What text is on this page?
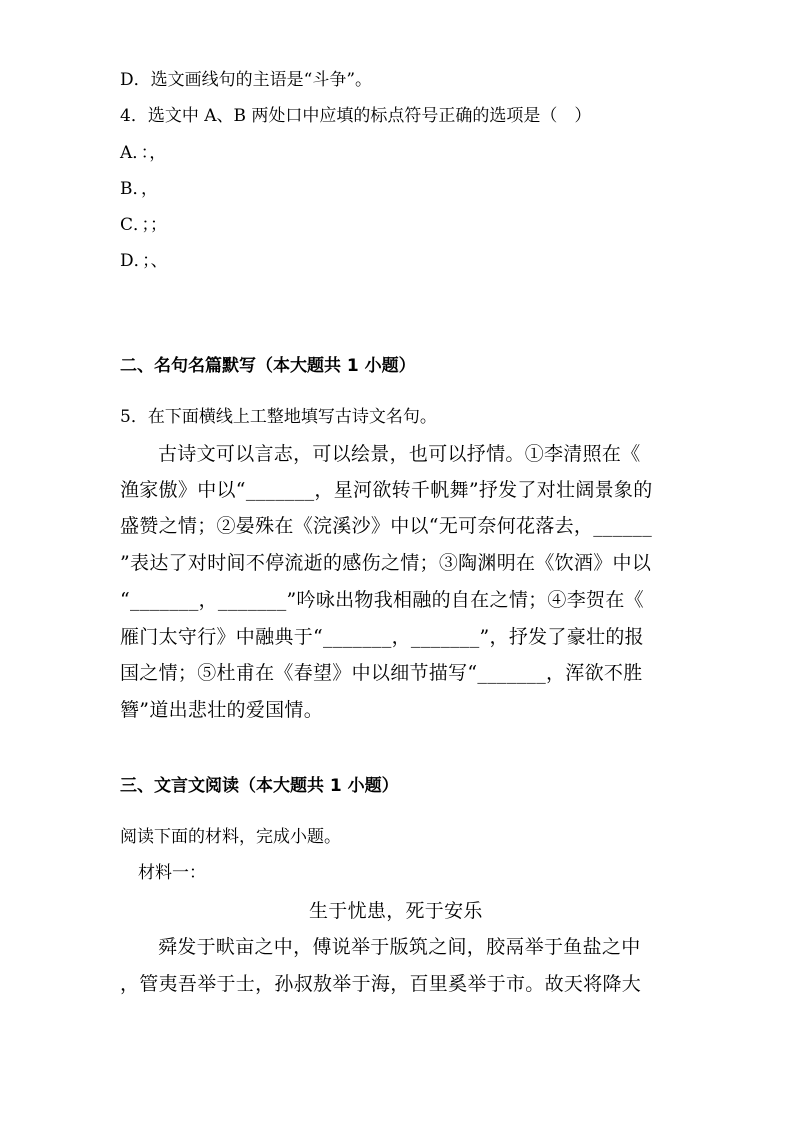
D．选文画线句的主语是“斗争”。
4．选文中 A、B 两处口中应填的标点符号正确的选项是（　）
A．：，
B．，
C．；；
D．；、
二、名句名篇默写（本大题共 1 小题）
5．在下面横线上工整地填写古诗文名句。
古诗文可以言志，可以绘景，也可以抒情。①李清照在《
渔家傲》中以“_______，星河欲转千帆舞”抒发了对壮阔景象的
盛赞之情；②晏殊在《浣溪沙》中以“无可奈何花落去，______
”表达了对时间不停流逝的感伤之情；③陶渊明在《饮酒》中以
“_______，_______”吟咏出物我相融的自在之情；④李贺在《
雁门太守行》中融典于“_______，_______”，抒发了豪壮的报
国之情；⑤杜甫在《春望》中以细节描写“_______，浑欲不胜
簪”道出悲壮的爱国情。
三、文言文阅读（本大题共 1 小题）
阅读下面的材料，完成小题。
材料一：
生于忧患，死于安乐
舜发于畎亩之中，傅说举于版筑之间，胶鬲举于鱼盐之中
，管夷吾举于士，孙叔敖举于海，百里奚举于市。故天将降大
